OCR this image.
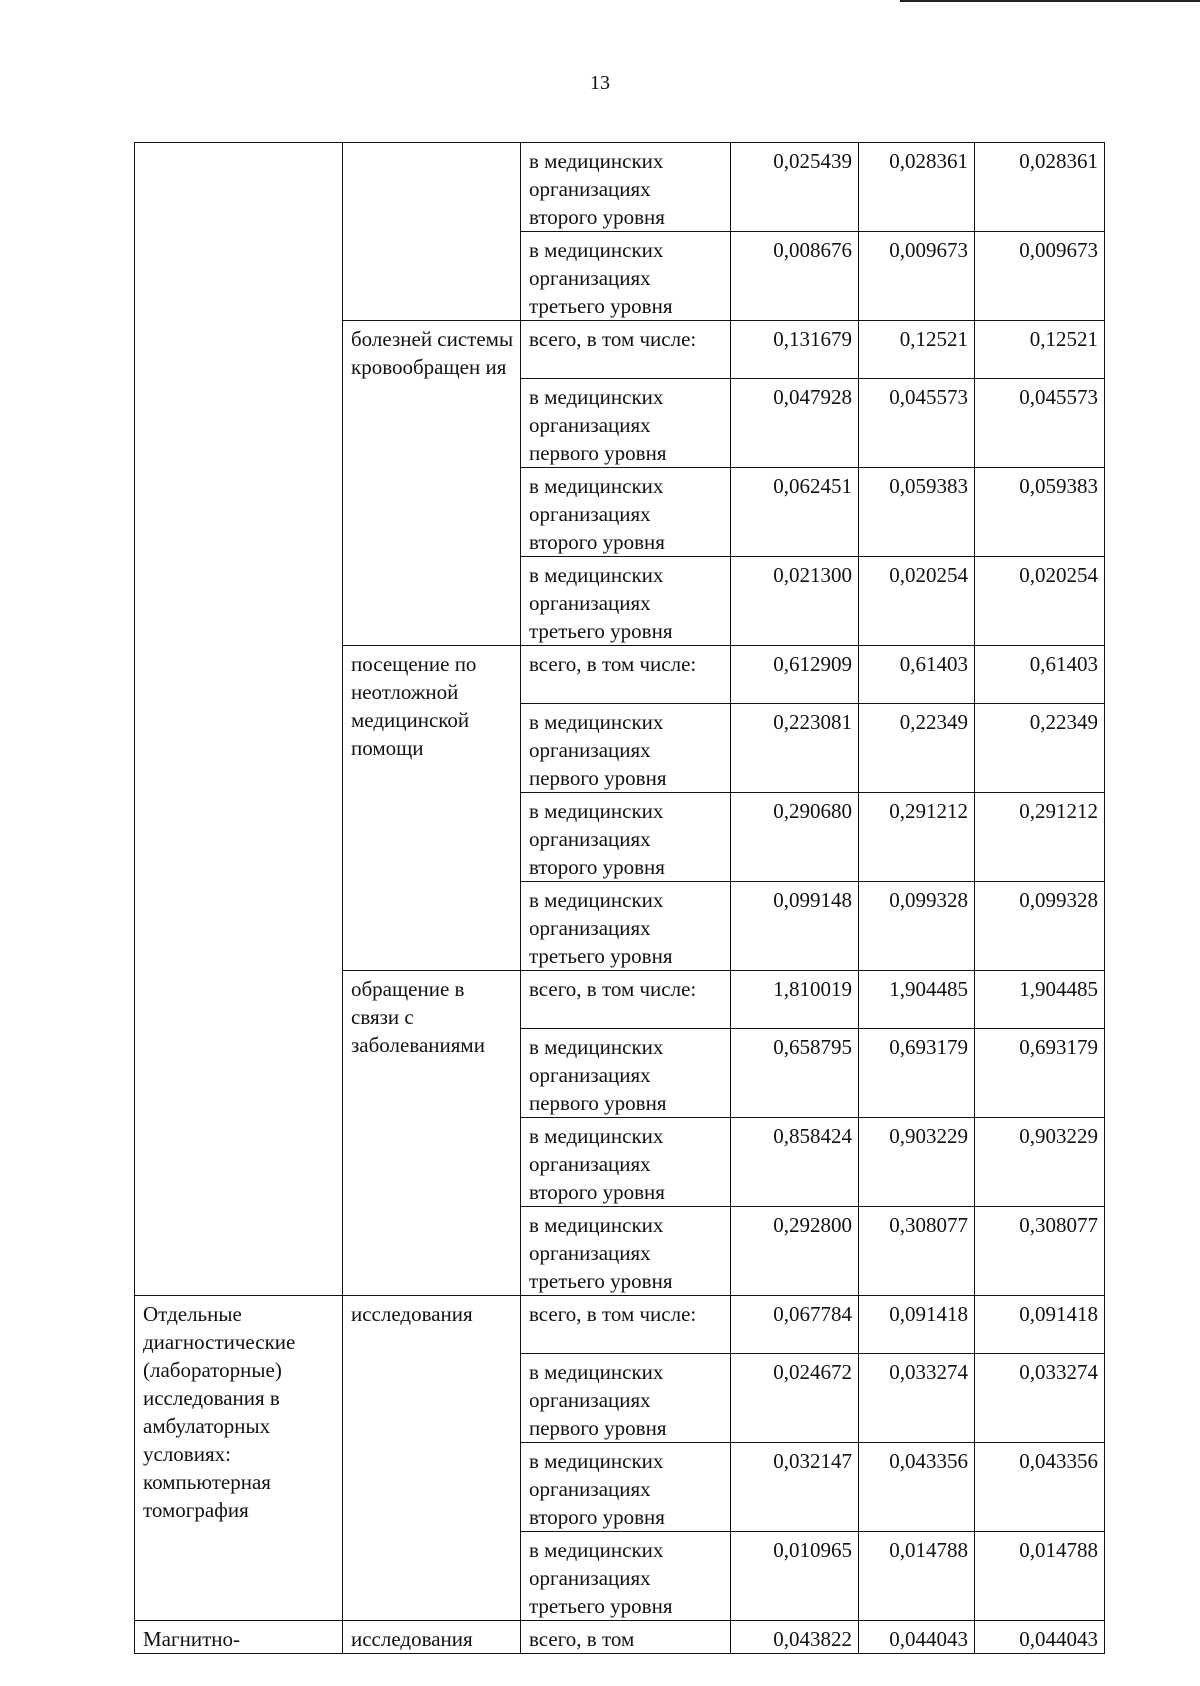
13
		в медицинских организациях второго уровня	0,025439	0,028361	0,028361
		в медицинских организациях третьего уровня	0,008676	0,009673	0,009673
	болезней системы кровообращен ия	всего, в том числе:	0,131679	0,12521	0,12521
		в медицинских организациях первого уровня	0,047928	0,045573	0,045573
		в медицинских организациях второго уровня	0,062451	0,059383	0,059383
		в медицинских организациях третьего уровня	0,021300	0,020254	0,020254
	посещение по неотложной медицинской помощи	всего, в том числе:	0,612909	0,61403	0,61403
		в медицинских организациях первого уровня	0,223081	0,22349	0,22349
		в медицинских организациях второго уровня	0,290680	0,291212	0,291212
		в медицинских организациях третьего уровня	0,099148	0,099328	0,099328
	обращение в связи с заболеваниями	всего, в том числе:	1,810019	1,904485	1,904485
		в медицинских организациях первого уровня	0,658795	0,693179	0,693179
		в медицинских организациях второго уровня	0,858424	0,903229	0,903229
		в медицинских организациях третьего уровня	0,292800	0,308077	0,308077
Отдельные диагностические (лабораторные) исследования в амбулаторных условиях: компьютерная томография	исследования	всего, в том числе:	0,067784	0,091418	0,091418
		в медицинских организациях первого уровня	0,024672	0,033274	0,033274
		в медицинских организациях второго уровня	0,032147	0,043356	0,043356
		в медицинских организациях третьего уровня	0,010965	0,014788	0,014788
Магнитно-	исследования	всего, в том	0,043822	0,044043	0,044043
